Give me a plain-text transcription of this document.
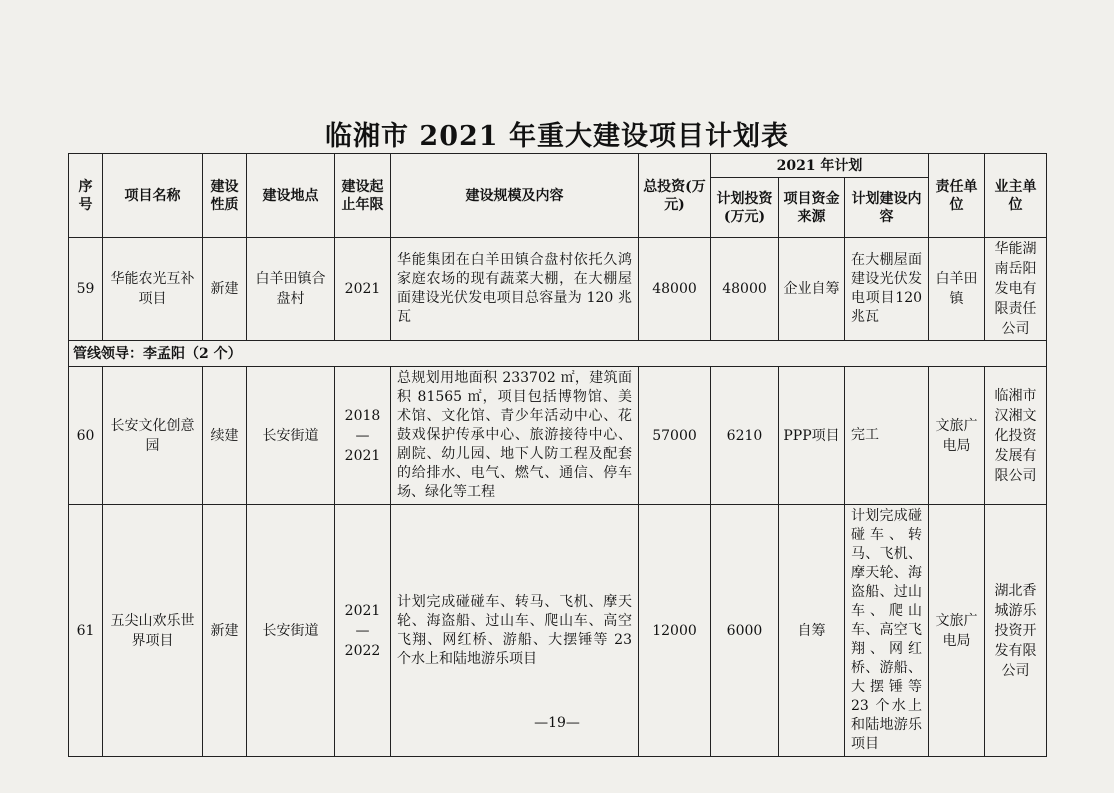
临湘市 2021 年重大建设项目计划表
序号	项目名称	建设性质	建设地点	建设起止年限	建设规模及内容	总投资(万元)	2021 年计划			责任单位	业主单位
							计划投资(万元)	项目资金来源	计划建设内容		
59	华能农光互补项目	新建	白羊田镇合盘村	2021	华能集团在白羊田镇合盘村依托久鸿家庭农场的现有蔬菜大棚，在大棚屋面建设光伏发电项目总容量为 120 兆瓦	48000	48000	企业自筹	在大棚屋面建设光伏发电项目120兆瓦	白羊田镇	华能湖南岳阳发电有限责任公司
管线领导：李孟阳（2 个）											
60	长安文化创意园	续建	长安街道	2018—2021	总规划用地面积 233702 ㎡，建筑面积 81565 ㎡，项目包括博物馆、美术馆、文化馆、青少年活动中心、花鼓戏保护传承中心、旅游接待中心、剧院、幼儿园、地下人防工程及配套的给排水、电气、燃气、通信、停车场、绿化等工程	57000	6210	PPP项目	完工	文旅广电局	临湘市汉湘文化投资发展有限公司
61	五尖山欢乐世界项目	新建	长安街道	2021—2022	计划完成碰碰车、转马、飞机、摩天轮、海盗船、过山车、爬山车、高空飞翔、网红桥、游船、大摆锤等 23 个水上和陆地游乐项目	12000	6000	自筹	计划完成碰碰车、转马、飞机、摩天轮、海盗船、过山车、爬山车、高空飞翔、网红桥、游船、大摆锤等 23 个水上和陆地游乐项目	文旅广电局	湖北香城游乐投资开发有限公司
—19—
